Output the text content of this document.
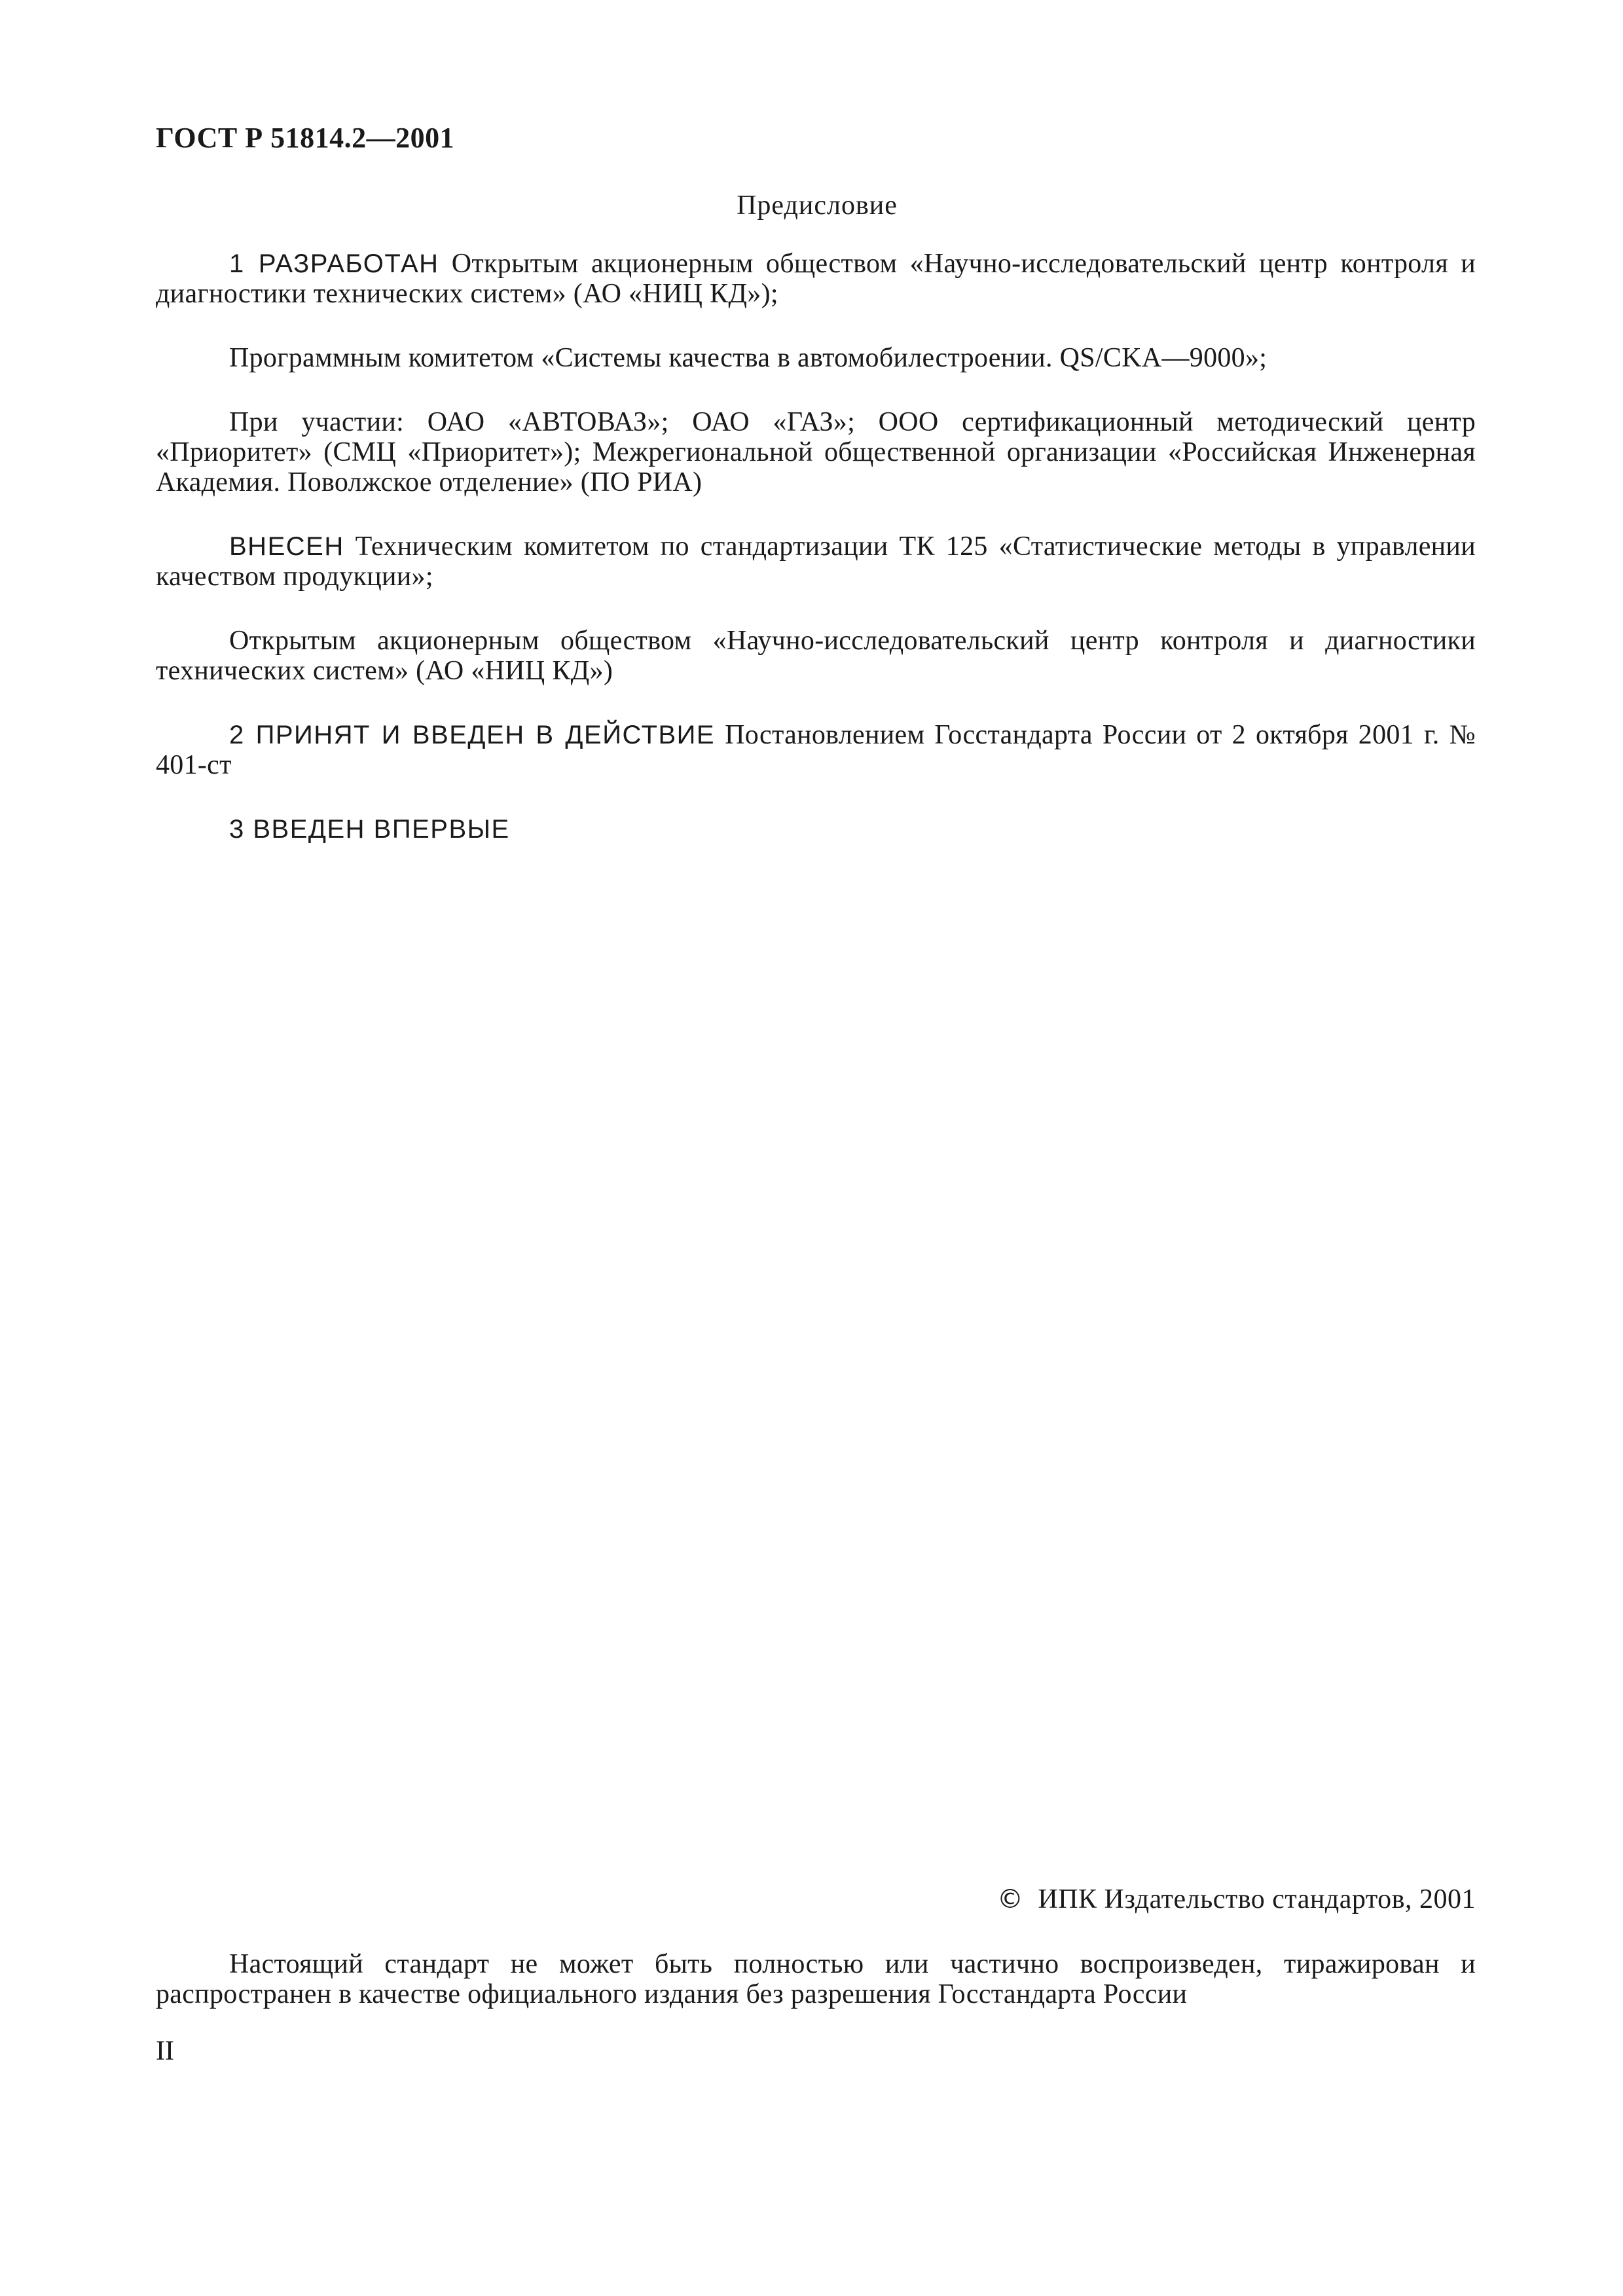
ГОСТ Р 51814.2—2001
Предисловие

1 РАЗРАБОТАН Открытым акционерным обществом «Научно-исследовательский центр контроля и диагностики технических систем» (АО «НИЦ КД»);

Программным комитетом «Системы качества в автомобилестроении. QS/CKA—9000»;

При участии: ОАО «АВТОВАЗ»; ОАО «ГАЗ»; ООО сертификационный методический центр «Приоритет» (СМЦ «Приоритет»); Межрегиональной общественной организации «Российская Инженерная Академия. Поволжское отделение» (ПО РИА)

ВНЕСЕН Техническим комитетом по стандартизации ТК 125 «Статистические методы в управлении качеством продукции»;

Открытым акционерным обществом «Научно-исследовательский центр контроля и диагностики технических систем» (АО «НИЦ КД»)

2 ПРИНЯТ И ВВЕДЕН В ДЕЙСТВИЕ Постановлением Госстандарта России от 2 октября 2001 г. № 401-ст

3 ВВЕДЕН ВПЕРВЫЕ

© ИПК Издательство стандартов, 2001
Настоящий стандарт не может быть полностью или частично воспроизведен, тиражирован и распространен в качестве официального издания без разрешения Госстандарта России
II
